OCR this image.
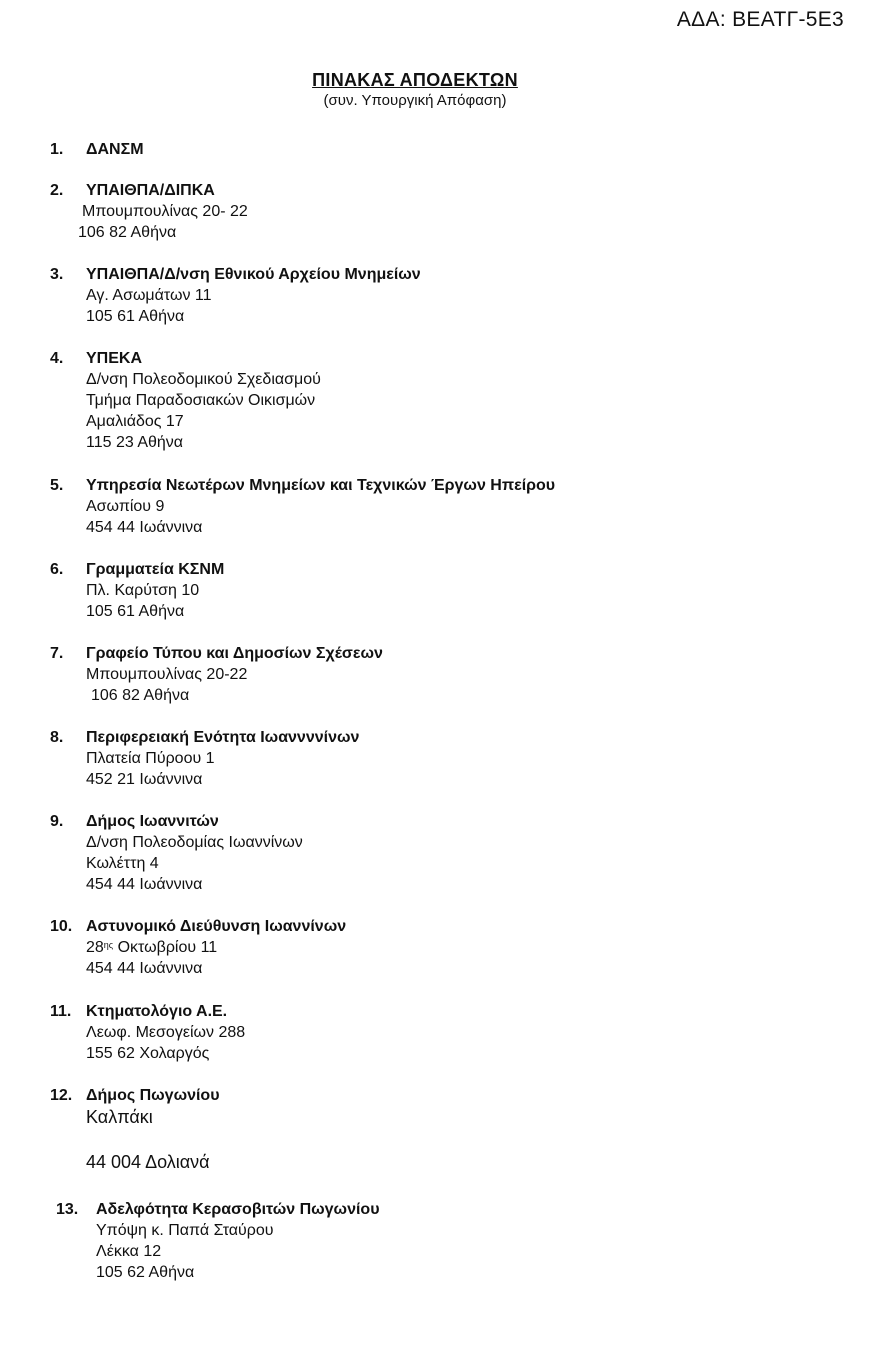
ΑΔΑ: ΒΕΑΤΓ-5Ε3
ΠΙΝΑΚΑΣ ΑΠΟΔΕΚΤΩΝ
(συν. Υπουργική Απόφαση)
1. ΔΑΝΣΜ
2. ΥΠΑΙΘΠΑ/ΔΙΠΚΑ
Μπουμπουλίνας 20- 22
106 82 Αθήνα
3. ΥΠΑΙΘΠΑ/Δ/νση Εθνικού Αρχείου Μνημείων
Αγ. Ασωμάτων 11
105 61 Αθήνα
4. ΥΠΕΚΑ
Δ/νση Πολεοδομικού Σχεδιασμού
Τμήμα Παραδοσιακών Οικισμών
Αμαλιάδος 17
115 23 Αθήνα
5. Υπηρεσία Νεωτέρων Μνημείων και Τεχνικών Έργων Ηπείρου
Ασωπίου 9
454 44 Ιωάννινα
6. Γραμματεία ΚΣΝΜ
Πλ. Καρύτση 10
105 61 Αθήνα
7. Γραφείο Τύπου και Δημοσίων Σχέσεων
Μπουμπουλίνας 20-22
106 82 Αθήνα
8. Περιφερειακή Ενότητα Ιωαννννίνων
Πλατεία Πύροου 1
452 21 Ιωάννινα
9. Δήμος Ιωαννιτών
Δ/νση Πολεοδομίας Ιωαννίνων
Κωλέττη 4
454 44 Ιωάννινα
10. Αστυνομικό Διεύθυνση Ιωαννίνων
$28^{\eta\varsigma}$ Οκτωβρίου 11
454 44 Ιωάννινα
11. Κτηματολόγιο Α.Ε.
Λεωφ. Μεσογείων 288
155 62 Χολαργός
12. Δήμος Πωγωνίου
Καλπάκι
44 004 Δολιανά
13. Αδελφότητα Κερασοβιτών Πωγωνίου
Υπόψη κ. Παπά Σταύρου
Λέκκα 12
105 62 Αθήνα
